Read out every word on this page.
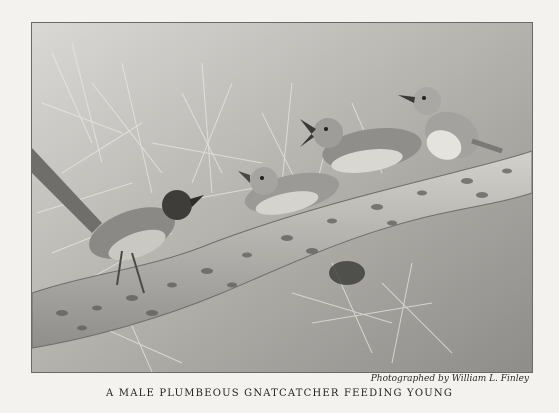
Photographed by William L. Finley
A MALE PLUMBEOUS GNATCATCHER FEEDING YOUNG
